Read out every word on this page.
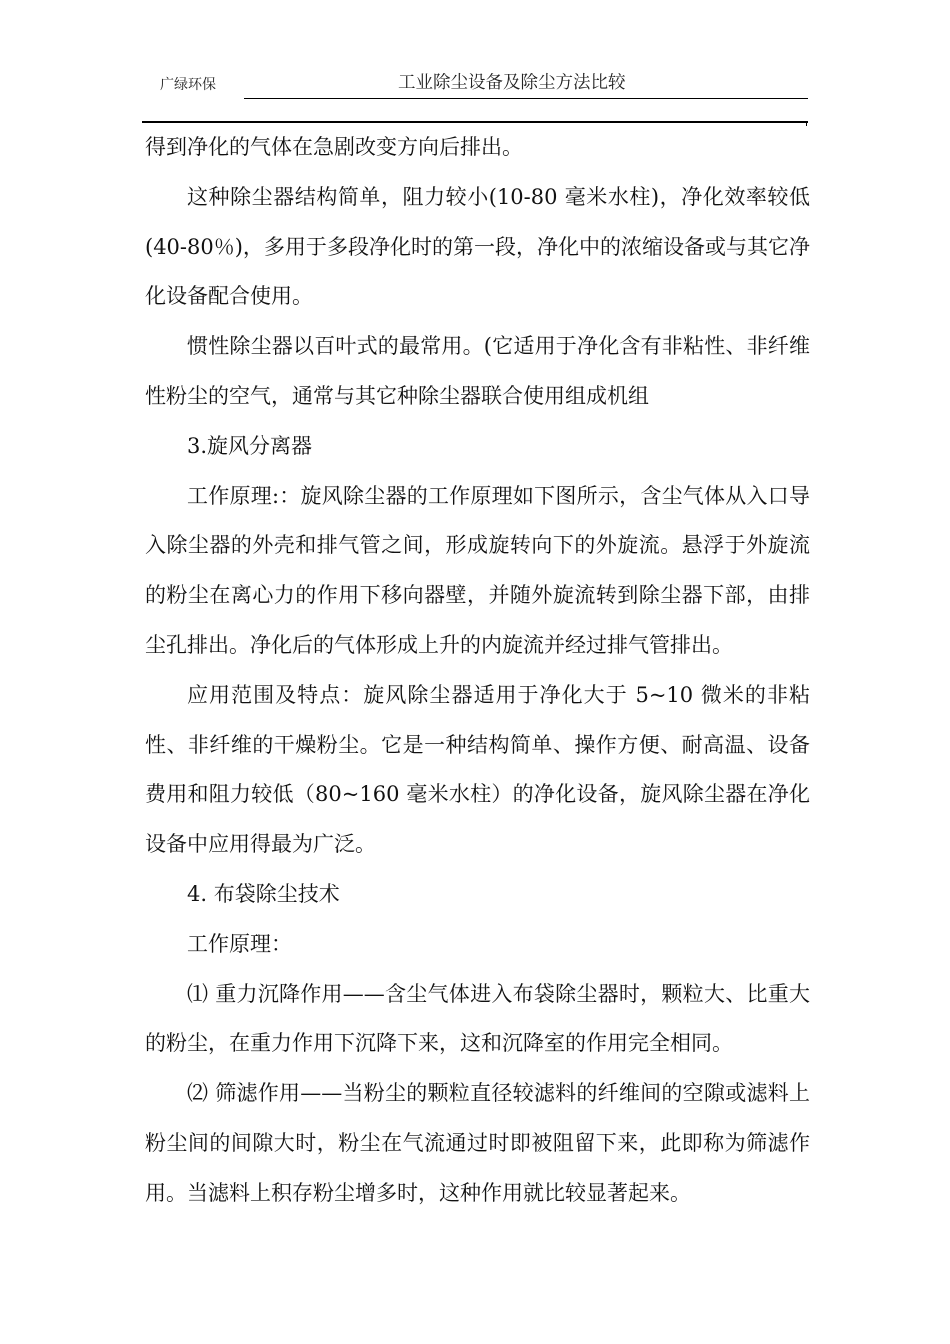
广绿环保	工业除尘设备及除尘方法比较

得到净化的气体在急剧改变方向后排出。

这种除尘器结构简单，阻力较小(10-80 毫米水柱)，净化效率较低(40-80％)，多用于多段净化时的第一段，净化中的浓缩设备或与其它净化设备配合使用。

惯性除尘器以百叶式的最常用。(它适用于净化含有非粘性、非纤维性粉尘的空气，通常与其它种除尘器联合使用组成机组

3.旋风分离器

工作原理:：旋风除尘器的工作原理如下图所示，含尘气体从入口导入除尘器的外壳和排气管之间，形成旋转向下的外旋流。悬浮于外旋流的粉尘在离心力的作用下移向器壁，并随外旋流转到除尘器下部，由排尘孔排出。净化后的气体形成上升的内旋流并经过排气管排出。

应用范围及特点：旋风除尘器适用于净化大于 5~10 微米的非粘性、非纤维的干燥粉尘。它是一种结构简单、操作方便、耐高温、设备费用和阻力较低（80~160 毫米水柱）的净化设备，旋风除尘器在净化设备中应用得最为广泛。

4. 布袋除尘技术

工作原理：

⑴ 重力沉降作用——含尘气体进入布袋除尘器时，颗粒大、比重大的粉尘，在重力作用下沉降下来，这和沉降室的作用完全相同。

⑵ 筛滤作用——当粉尘的颗粒直径较滤料的纤维间的空隙或滤料上粉尘间的间隙大时，粉尘在气流通过时即被阻留下来，此即称为筛滤作用。当滤料上积存粉尘增多时，这种作用就比较显著起来。
